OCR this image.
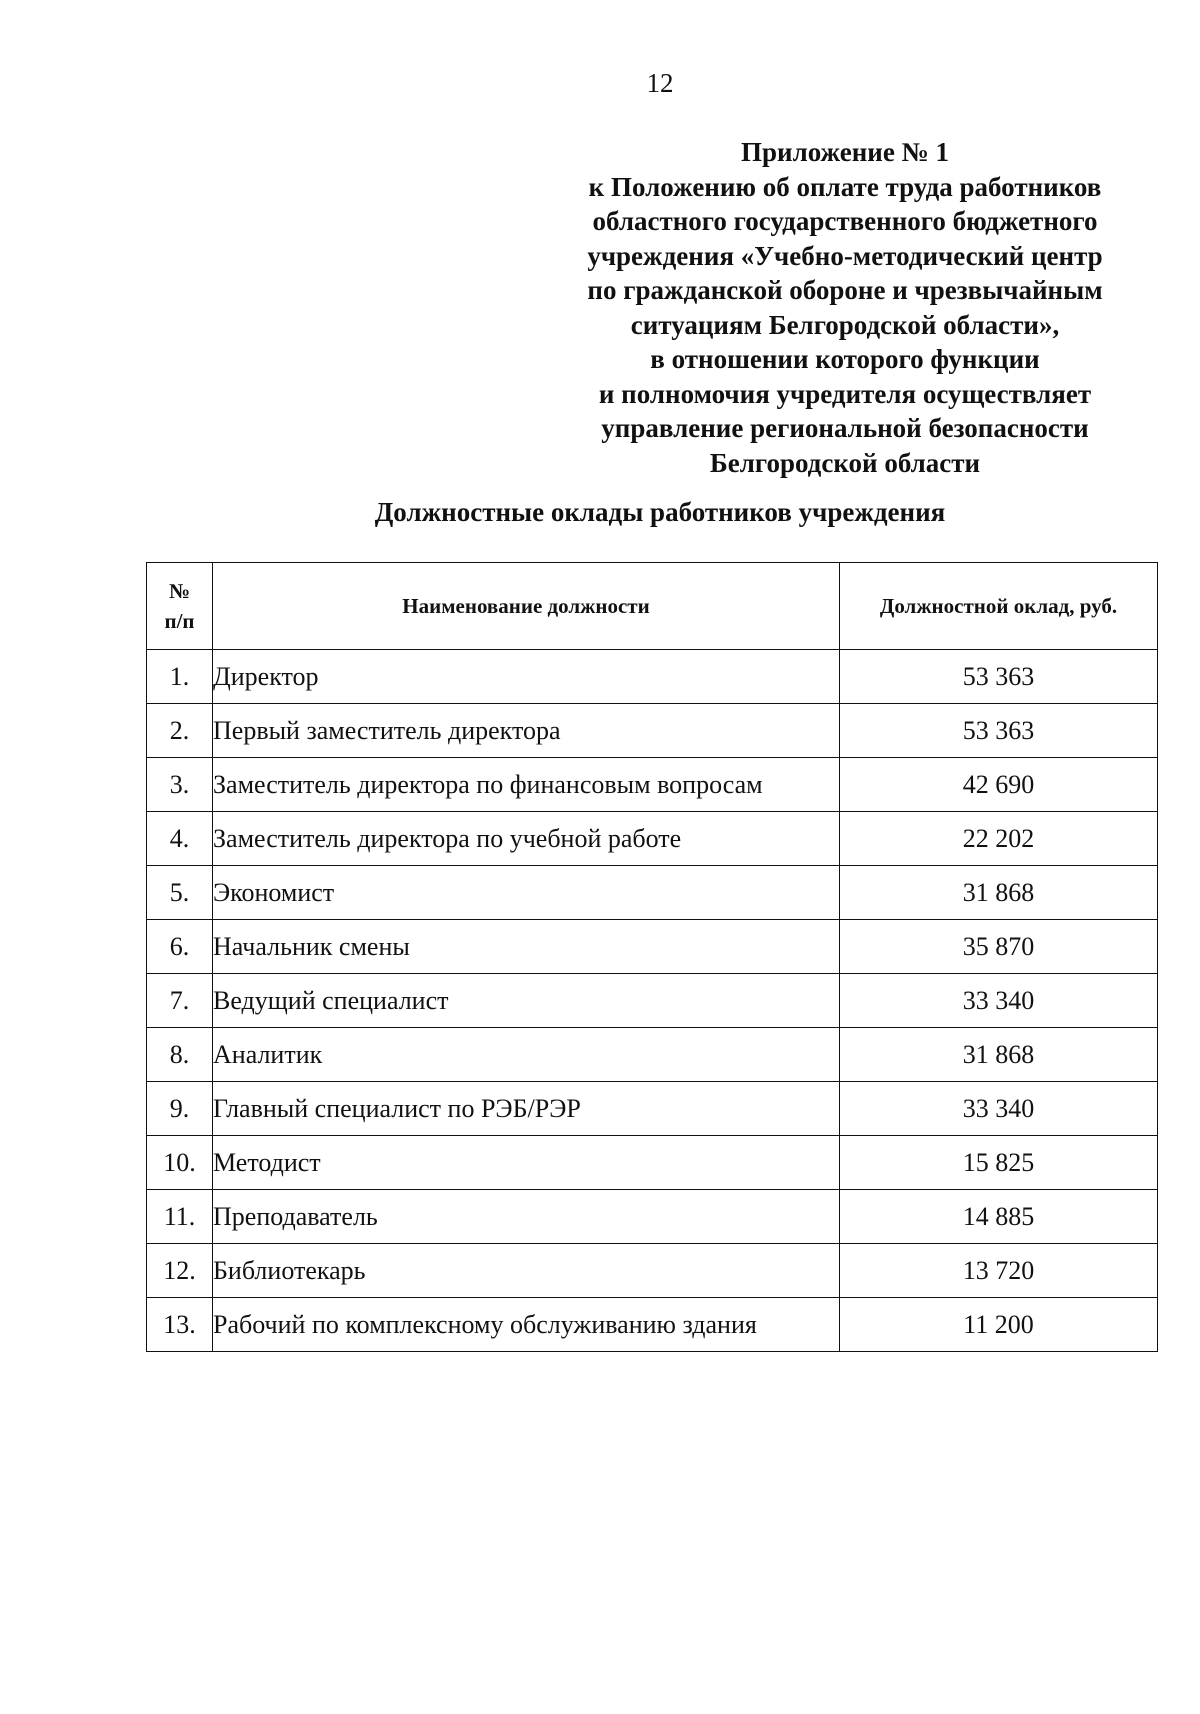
12
Приложение № 1
к Положению об оплате труда работников
областного государственного бюджетного
учреждения «Учебно-методический центр
по гражданской обороне и чрезвычайным
ситуациям Белгородской области»,
в отношении которого функции
и полномочия учредителя осуществляет
управление региональной безопасности
Белгородской области
Должностные оклады работников учреждения
№
п/п	Наименование должности	Должностной оклад, руб.
1.	Директор	53 363
2.	Первый заместитель директора	53 363
3.	Заместитель директора по финансовым вопросам	42 690
4.	Заместитель директора по учебной работе	22 202
5.	Экономист	31 868
6.	Начальник смены	35 870
7.	Ведущий специалист	33 340
8.	Аналитик	31 868
9.	Главный специалист по РЭБ/РЭР	33 340
10.	Методист	15 825
11.	Преподаватель	14 885
12.	Библиотекарь	13 720
13.	Рабочий по комплексному обслуживанию здания	11 200
